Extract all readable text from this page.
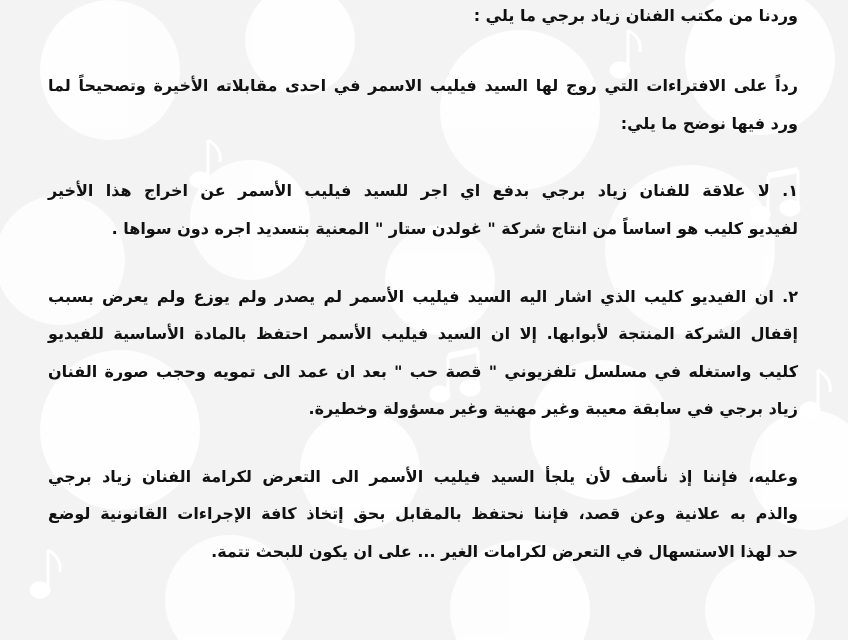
وردنا من مكتب الفنان زياد برجي ما يلي :
رداً على الافتراءات التي روج لها السيد فيليب الاسمر في احدى مقابلاته الأخيرة وتصحيحاً لما
ورد فيها نوضح ما يلي:
١. لا علاقة للفنان زياد برجي بدفع اي اجر للسيد فيليب الأسمر عن اخراج هذا الأخير
لفيديو كليب هو اساساً من انتاج شركة " غولدن ستار " المعنية بتسديد اجره دون سواها .
٢. ان الفيديو كليب الذي اشار اليه السيد فيليب الأسمر لم يصدر ولم يوزع ولم يعرض بسبب
إقفال الشركة المنتجة لأبوابها. إلا ان السيد فيليب الأسمر احتفظ بالمادة الأساسية للفيديو
كليب واستغله في مسلسل تلفزيوني " قصة حب " بعد ان عمد الى تمويه وحجب صورة الفنان
زياد برجي في سابقة معيبة وغير مهنية وغير مسؤولة وخطيرة.
وعليه، فإننا إذ نأسف لأن يلجأ السيد فيليب الأسمر الى التعرض لكرامة الفنان زياد برجي
والذم به علانية وعن قصد، فإننا نحتفظ بالمقابل بحق إتخاذ كافة الإجراءات القانونية لوضع
حد لهذا الاستسهال في التعرض لكرامات الغير ... على ان يكون للبحث تتمة.
